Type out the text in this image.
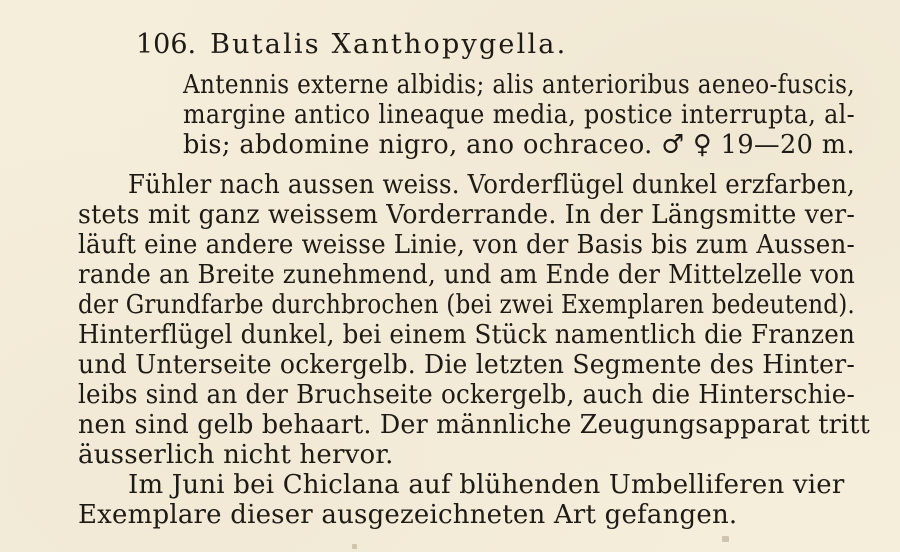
106. Butalis Xanthopygella.
Antennis externe albidis; alis anterioribus aeneo-fuscis,
margine antico lineaque media, postice interrupta, al-
bis; abdomine nigro, ano ochraceo. ♂ ♀ 19—20 m.
Fühler nach aussen weiss. Vorderflügel dunkel erzfarben,
stets mit ganz weissem Vorderrande. In der Längsmitte ver-
läuft eine andere weisse Linie, von der Basis bis zum Aussen-
rande an Breite zunehmend, und am Ende der Mittelzelle von
der Grundfarbe durchbrochen (bei zwei Exemplaren bedeutend).
Hinterflügel dunkel, bei einem Stück namentlich die Franzen
und Unterseite ockergelb. Die letzten Segmente des Hinter-
leibs sind an der Bruchseite ockergelb, auch die Hinterschie-
nen sind gelb behaart. Der männliche Zeugungsapparat tritt
äusserlich nicht hervor.
Im Juni bei Chiclana auf blühenden Umbelliferen vier
Exemplare dieser ausgezeichneten Art gefangen.
